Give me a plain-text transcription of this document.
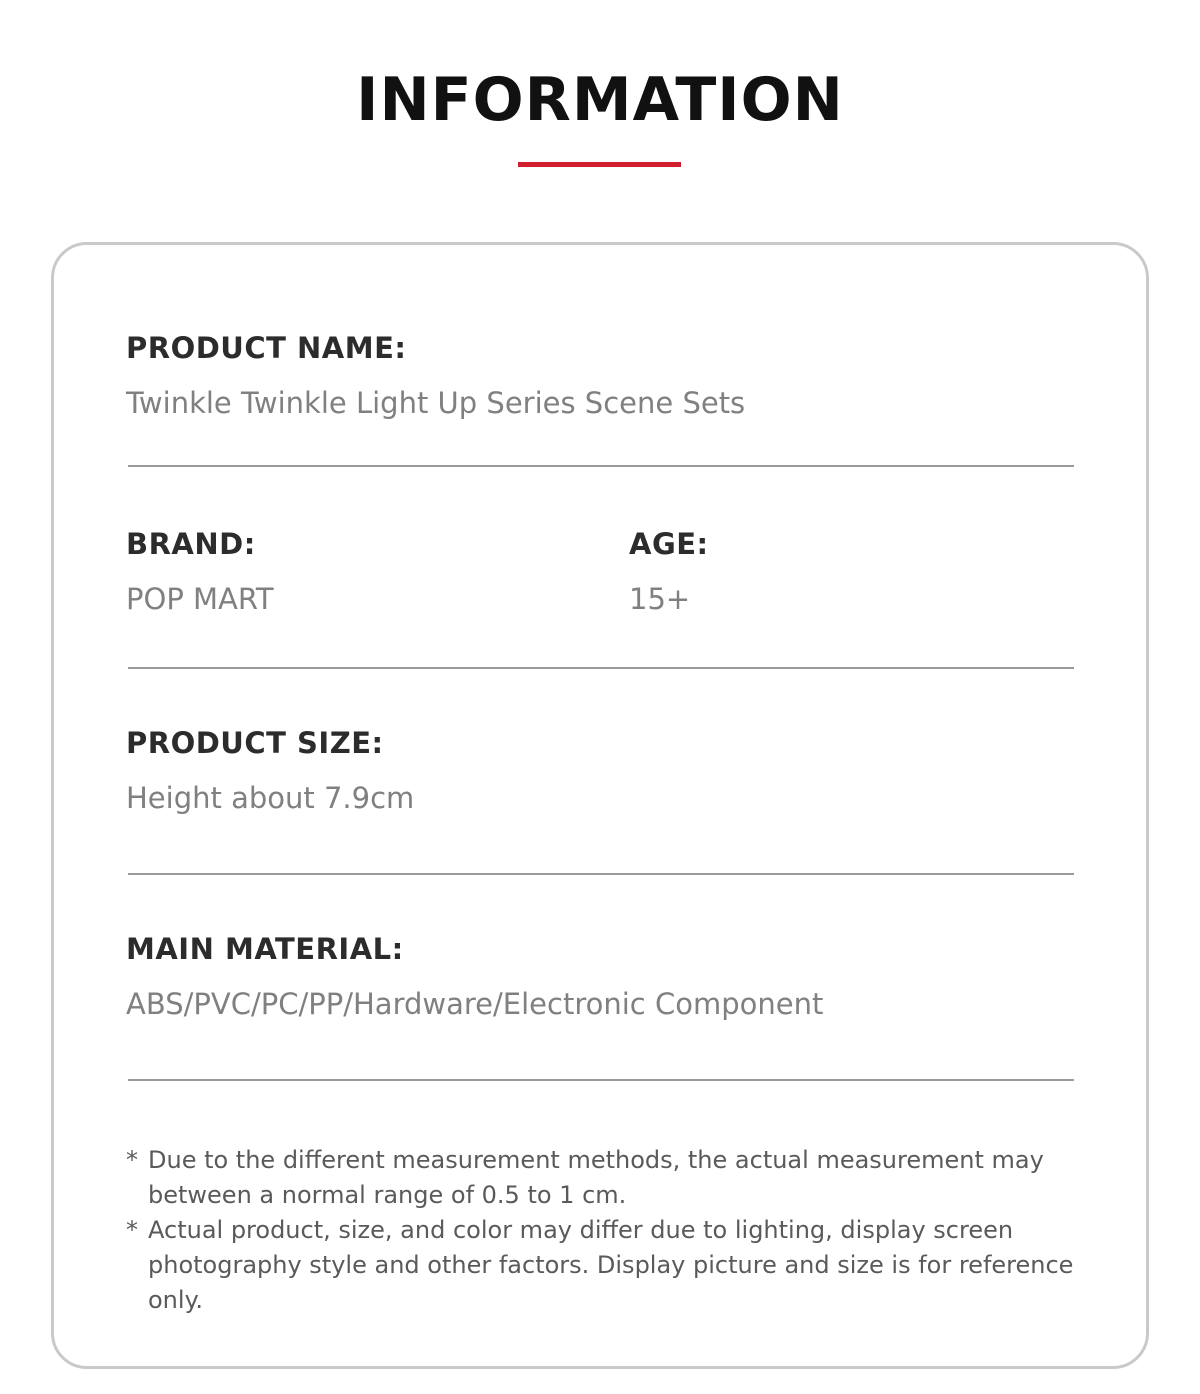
INFORMATION
PRODUCT NAME:
Twinkle Twinkle Light Up Series Scene Sets
BRAND:
POP MART
AGE:
15+
PRODUCT SIZE:
Height about 7.9cm
MAIN MATERIAL:
ABS/PVC/PC/PP/Hardware/Electronic Component
* Due to the different measurement methods, the actual measurement may between a normal range of 0.5 to 1 cm.
* Actual product, size, and color may differ due to lighting, display screen photography style and other factors. Display picture and size is for reference only.
